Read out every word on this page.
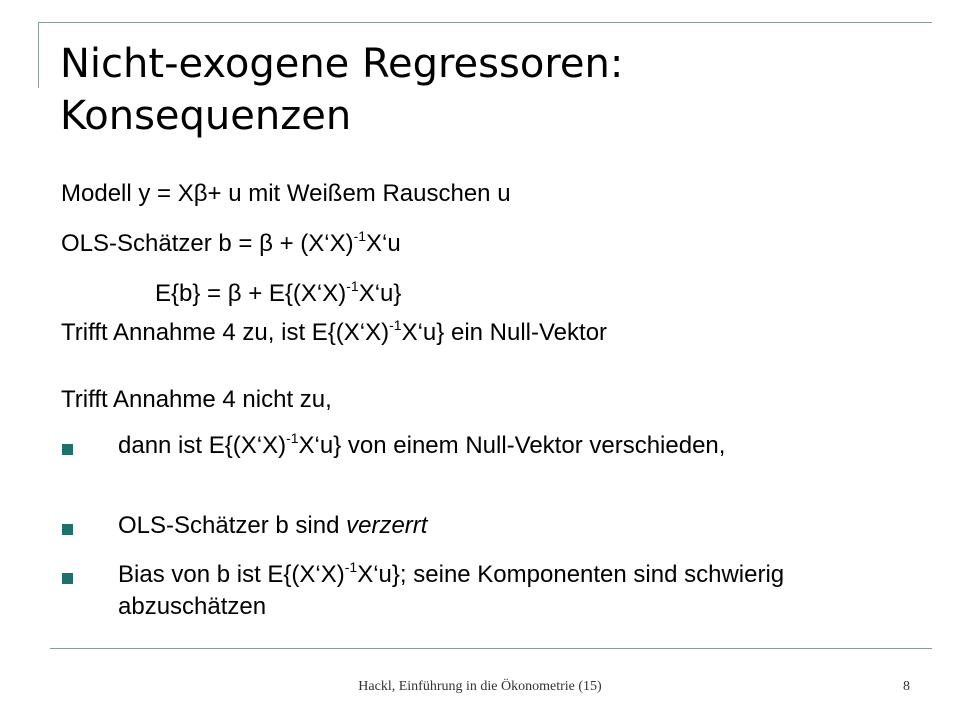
Nicht-exogene Regressoren:
Konsequenzen
Modell y = Xβ+ u mit Weißem Rauschen u
OLS-Schätzer b = β + (X‘X)$^{-1}$X‘u
E{b} = β + E{(X‘X)$^{-1}$X‘u}
Trifft Annahme 4 zu, ist E{(X‘X)$^{-1}$X‘u} ein Null-Vektor
Trifft Annahme 4 nicht zu,
dann ist E{(X‘X)$^{-1}$X‘u} von einem Null-Vektor verschieden,
OLS-Schätzer b sind verzerrt
Bias von b ist E{(X‘X)$^{-1}$X‘u}; seine Komponenten sind schwierig abzuschätzen
Hackl, Einführung in die Ökonometrie (15)	8
